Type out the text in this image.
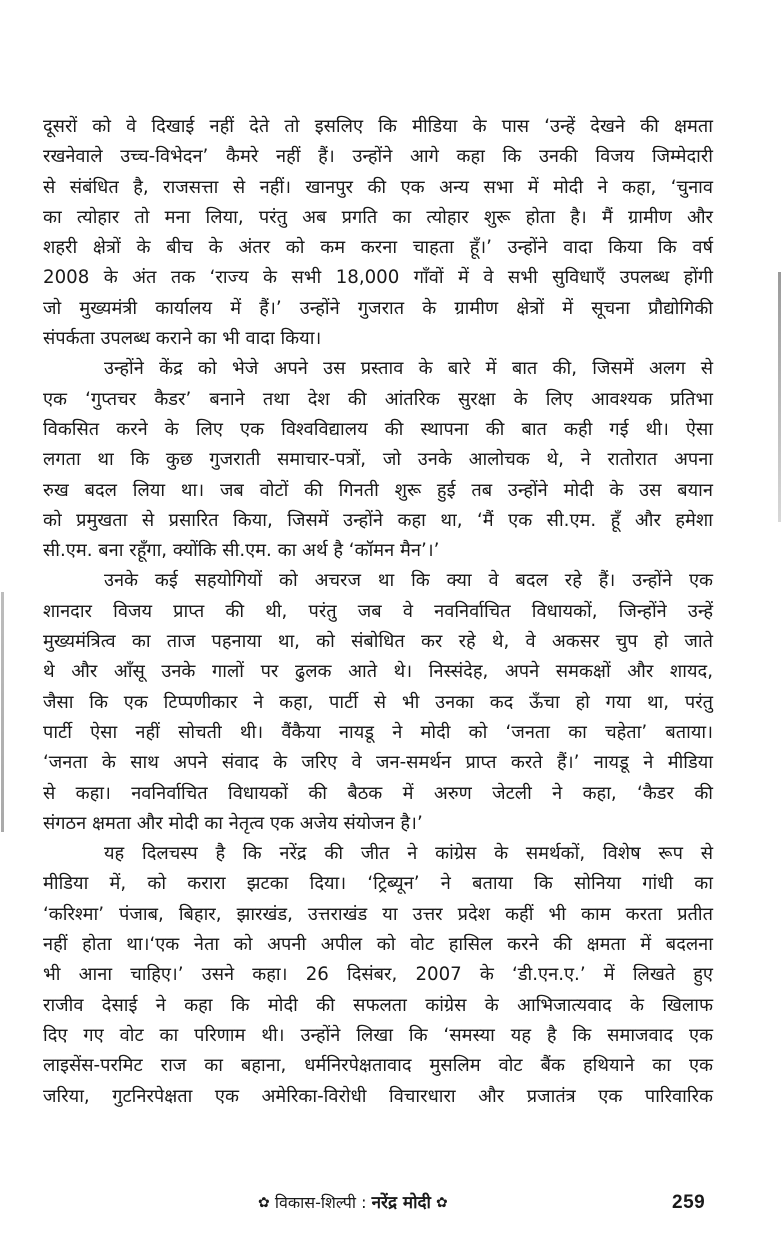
दूसरों को वे दिखाई नहीं देते तो इसलिए कि मीडिया के पास ‘उन्हें देखने की क्षमता
रखनेवाले उच्च-विभेदन’ कैमरे नहीं हैं। उन्होंने आगे कहा कि उनकी विजय जिम्मेदारी
से संबंधित है, राजसत्ता से नहीं। खानपुर की एक अन्य सभा में मोदी ने कहा, ‘चुनाव
का त्योहार तो मना लिया, परंतु अब प्रगति का त्योहार शुरू होता है। मैं ग्रामीण और
शहरी क्षेत्रों के बीच के अंतर को कम करना चाहता हूँ।’ उन्होंने वादा किया कि वर्ष
2008 के अंत तक ‘राज्य के सभी 18,000 गाँवों में वे सभी सुविधाएँ उपलब्ध होंगी
जो मुख्यमंत्री कार्यालय में हैं।’ उन्होंने गुजरात के ग्रामीण क्षेत्रों में सूचना प्रौद्योगिकी
संपर्कता उपलब्ध कराने का भी वादा किया।
उन्होंने केंद्र को भेजे अपने उस प्रस्ताव के बारे में बात की, जिसमें अलग से
एक ‘गुप्तचर कैडर’ बनाने तथा देश की आंतरिक सुरक्षा के लिए आवश्यक प्रतिभा
विकसित करने के लिए एक विश्वविद्यालय की स्थापना की बात कही गई थी। ऐसा
लगता था कि कुछ गुजराती समाचार-पत्रों, जो उनके आलोचक थे, ने रातोरात अपना
रुख बदल लिया था। जब वोटों की गिनती शुरू हुई तब उन्होंने मोदी के उस बयान
को प्रमुखता से प्रसारित किया, जिसमें उन्होंने कहा था, ‘मैं एक सी.एम. हूँ और हमेशा
सी.एम. बना रहूँगा, क्योंकि सी.एम. का अर्थ है ‘कॉमन मैन’।’
उनके कई सहयोगियों को अचरज था कि क्या वे बदल रहे हैं। उन्होंने एक
शानदार विजय प्राप्त की थी, परंतु जब वे नवनिर्वाचित विधायकों, जिन्होंने उन्हें
मुख्यमंत्रित्व का ताज पहनाया था, को संबोधित कर रहे थे, वे अकसर चुप हो जाते
थे और आँसू उनके गालों पर ढुलक आते थे। निस्संदेह, अपने समकक्षों और शायद,
जैसा कि एक टिप्पणीकार ने कहा, पार्टी से भी उनका कद ऊँचा हो गया था, परंतु
पार्टी ऐसा नहीं सोचती थी। वैंकैया नायडू ने मोदी को ‘जनता का चहेता’ बताया।
‘जनता के साथ अपने संवाद के जरिए वे जन-समर्थन प्राप्त करते हैं।’ नायडू ने मीडिया
से कहा। नवनिर्वाचित विधायकों की बैठक में अरुण जेटली ने कहा, ‘कैडर की
संगठन क्षमता और मोदी का नेतृत्व एक अजेय संयोजन है।’
यह दिलचस्प है कि नरेंद्र की जीत ने कांग्रेस के समर्थकों, विशेष रूप से
मीडिया में, को करारा झटका दिया। ‘ट्रिब्यून’ ने बताया कि सोनिया गांधी का
‘करिश्मा’ पंजाब, बिहार, झारखंड, उत्तराखंड या उत्तर प्रदेश कहीं भी काम करता प्रतीत
नहीं होता था।‘एक नेता को अपनी अपील को वोट हासिल करने की क्षमता में बदलना
भी आना चाहिए।’ उसने कहा। 26 दिसंबर, 2007 के ‘डी.एन.ए.’ में लिखते हुए
राजीव देसाई ने कहा कि मोदी की सफलता कांग्रेस के आभिजात्यवाद के खिलाफ
दिए गए वोट का परिणाम थी। उन्होंने लिखा कि ‘समस्या यह है कि समाजवाद एक
लाइसेंस-परमिट राज का बहाना, धर्मनिरपेक्षतावाद मुसलिम वोट बैंक हथियाने का एक
जरिया, गुटनिरपेक्षता एक अमेरिका-विरोधी विचारधारा और प्रजातंत्र एक पारिवारिक
✿ विकास-शिल्पी : नरेंद्र मोदी ✿	259
